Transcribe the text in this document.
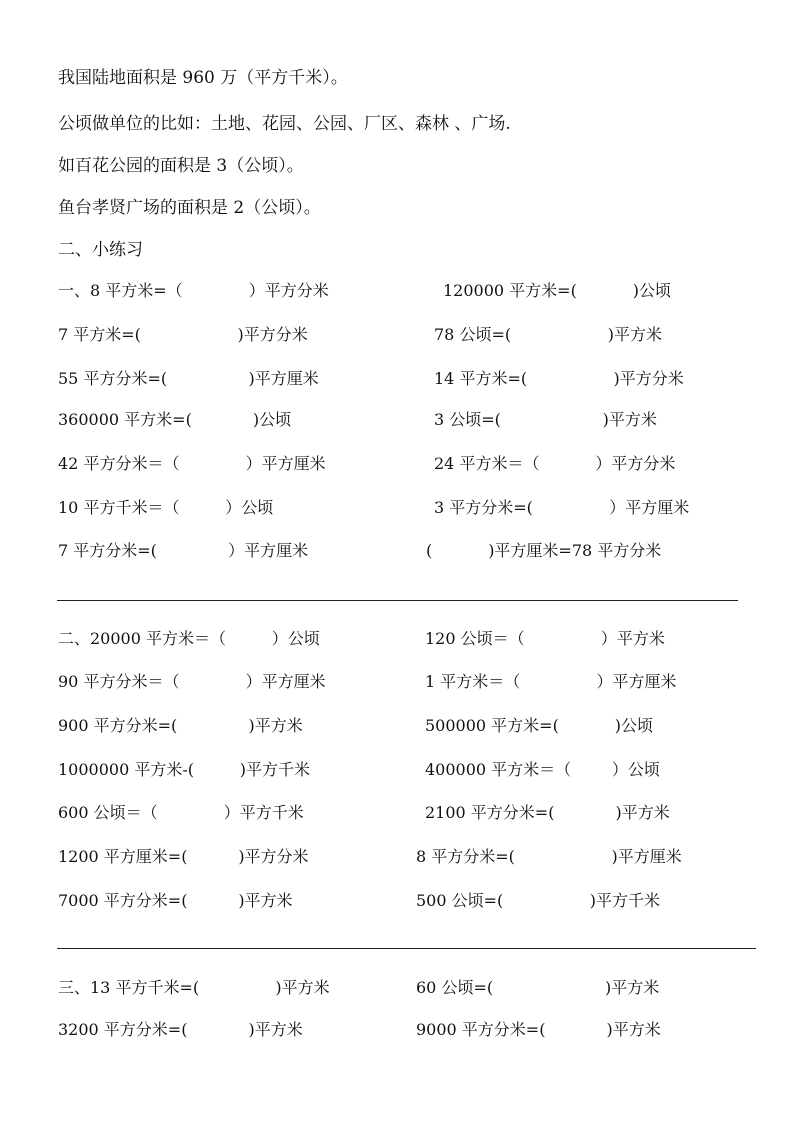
我国陆地面积是 960 万（平方千米）。
公顷做单位的比如：土地、花园、公园、厂区、森林 、广场.
如百花公园的面积是 3（公顷）。
鱼台孝贤广场的面积是 2（公顷）。
二、小练习
一、8 平方米=（             ）平方分米	120000 平方米=(           )公顷
7 平方米=(                   )平方分米	78 公顷=(                   )平方米
55 平方分米=(                )平方厘米	14 平方米=(                 )平方分米
360000 平方米=(            )公顷	3 公顷=(                    )平方米
42 平方分米＝（             ）平方厘米	24 平方米＝（           ）平方分米
10 平方千米＝（         ）公顷	3 平方分米=(               ）平方厘米
7 平方分米=(              ）平方厘米	(           )平方厘米=78 平方分米
二、20000 平方米＝（         ）公顷	120 公顷＝（               ）平方米
90 平方分米＝（             ）平方厘米	1 平方米＝（               ）平方厘米
900 平方分米=(              )平方米	500000 平方米=(           )公顷
1000000 平方米-(         )平方千米	400000 平方米＝（        ）公顷
600 公顷＝（             ）平方千米	2100 平方分米=(            )平方米
1200 平方厘米=(          )平方分米	8 平方分米=(                   )平方厘米
7000 平方分米=(          )平方米	500 公顷=(                 )平方千米
三、13 平方千米=(               )平方米	60 公顷=(                      )平方米
3200 平方分米=(            )平方米	9000 平方分米=(            )平方米
